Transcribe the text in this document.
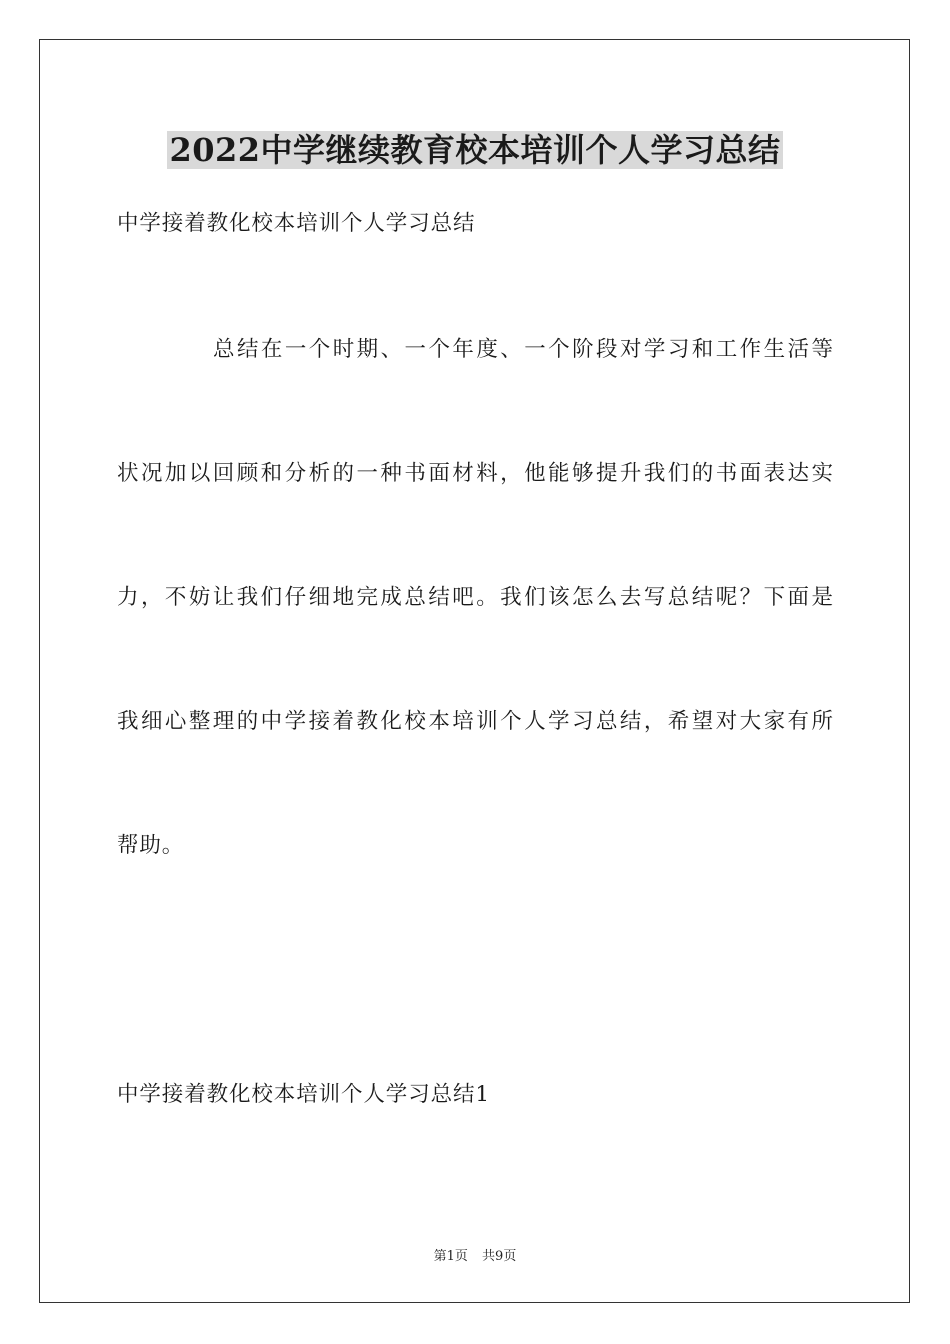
2022中学继续教育校本培训个人学习总结

中学接着教化校本培训个人学习总结

总结在一个时期、一个年度、一个阶段对学习和工作生活等

状况加以回顾和分析的一种书面材料，他能够提升我们的书面表达实

力，不妨让我们仔细地完成总结吧。我们该怎么去写总结呢？下面是

我细心整理的中学接着教化校本培训个人学习总结，希望对大家有所

帮助。

中学接着教化校本培训个人学习总结1

第1页 共9页
